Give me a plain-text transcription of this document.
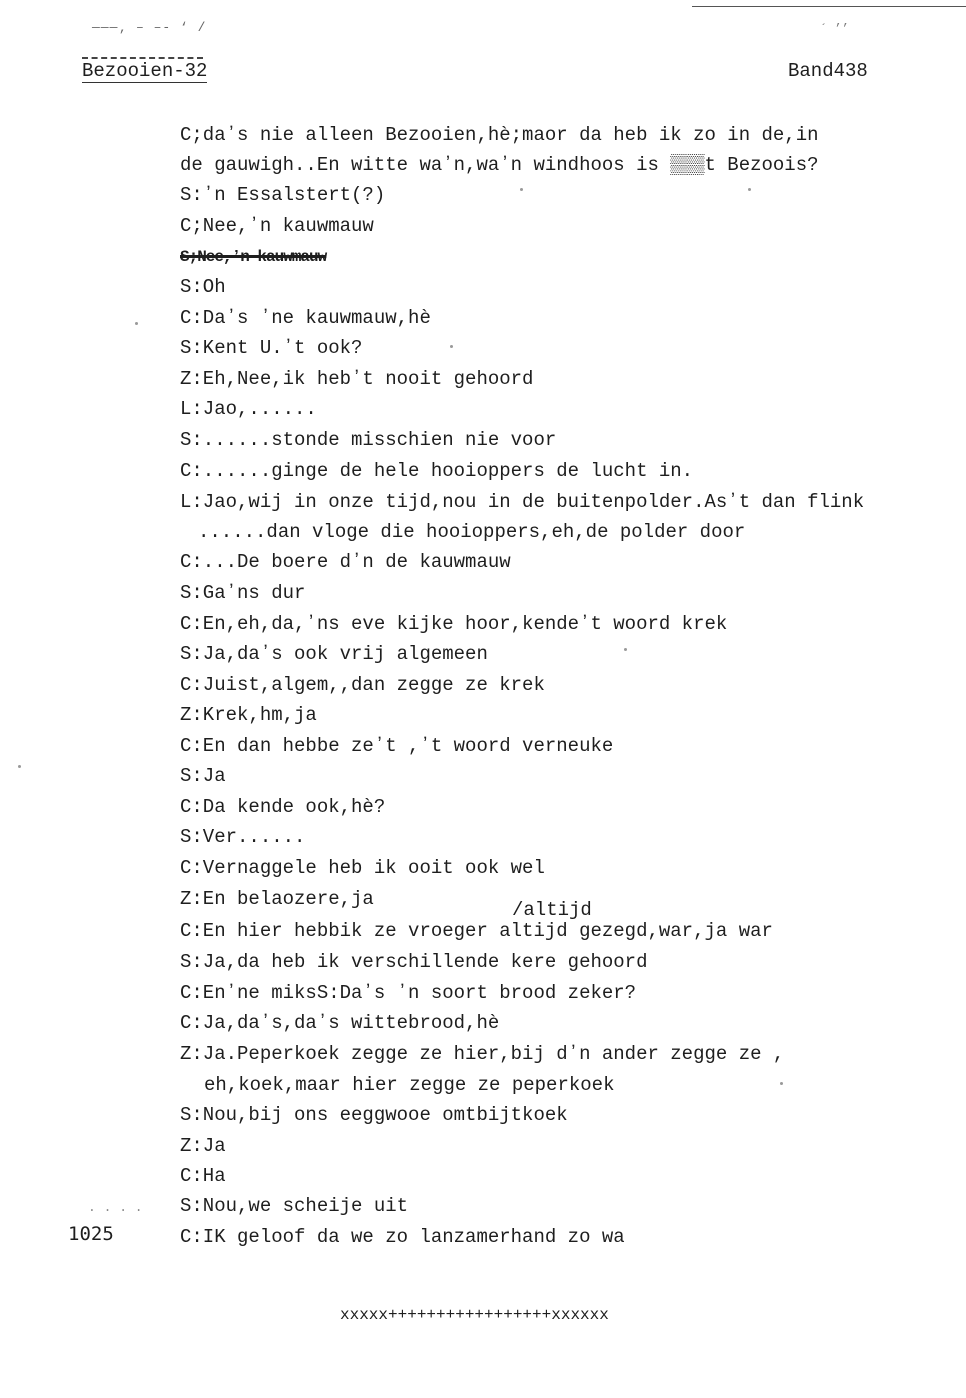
———‚ – –- ‘ /	´ ’’
Bezooien-32	Band438
C;daʼs nie alleen Bezooien,hè;maor da heb ik zo in de,in
de gauwigh..En witte waʼn,waʼn windhoos is ▒▒▒t Bezoois?
S:ʼn Essalstert(?)
C;Nee,ʼn kauwmauw
S;Nee,ʼn kauwmauw
S:Oh
C:Daʼs ʼne kauwmauw,hè
S:Kent U.ʼt ook?
Z:Eh,Nee,ik hebʼt nooit gehoord
L:Jao,......
S:......stonde misschien nie voor
C:......ginge de hele hooioppers de lucht in.
L:Jao,wij in onze tijd,nou in de buitenpolder.Asʼt dan flink
......dan vloge die hooioppers,eh,de polder door
C:...De boere dʼn de kauwmauw
S:Gaʼns dur
C:En,eh,da,ʼns eve kijke hoor,kendeʼt woord krek
S:Ja,daʼs ook vrij algemeen
C:Juist,algem,,dan zegge ze krek
Z:Krek,hm,ja
C:En dan hebbe zeʼt ,ʼt woord verneuke
S:Ja
C:Da kende ook,hè?
S:Ver......
C:Vernaggele heb ik ooit ook wel
Z:En belaozere,ja
C:En hier hebbik ze vroeger altijd gezegd,war,ja war
S:Ja,da heb ik verschillende kere gehoord
C:Enʼne miksS:Daʼs ʼn soort brood zeker?
C:Ja,daʼs,daʼs wittebrood,hè
Z:Ja.Peperkoek zegge ze hier,bij dʼn ander zegge ze ,
eh,koek,maar hier zegge ze peperkoek
S:Nou,bij ons eeggwooe omtbijtkoek
Z:Ja
C:Ha
S:Nou,we scheije uit
C:IK geloof da we zo lanzamerhand zo wa
/altijd
. . . .
1025
xxxxx+++++++++++++++++xxxxxx
